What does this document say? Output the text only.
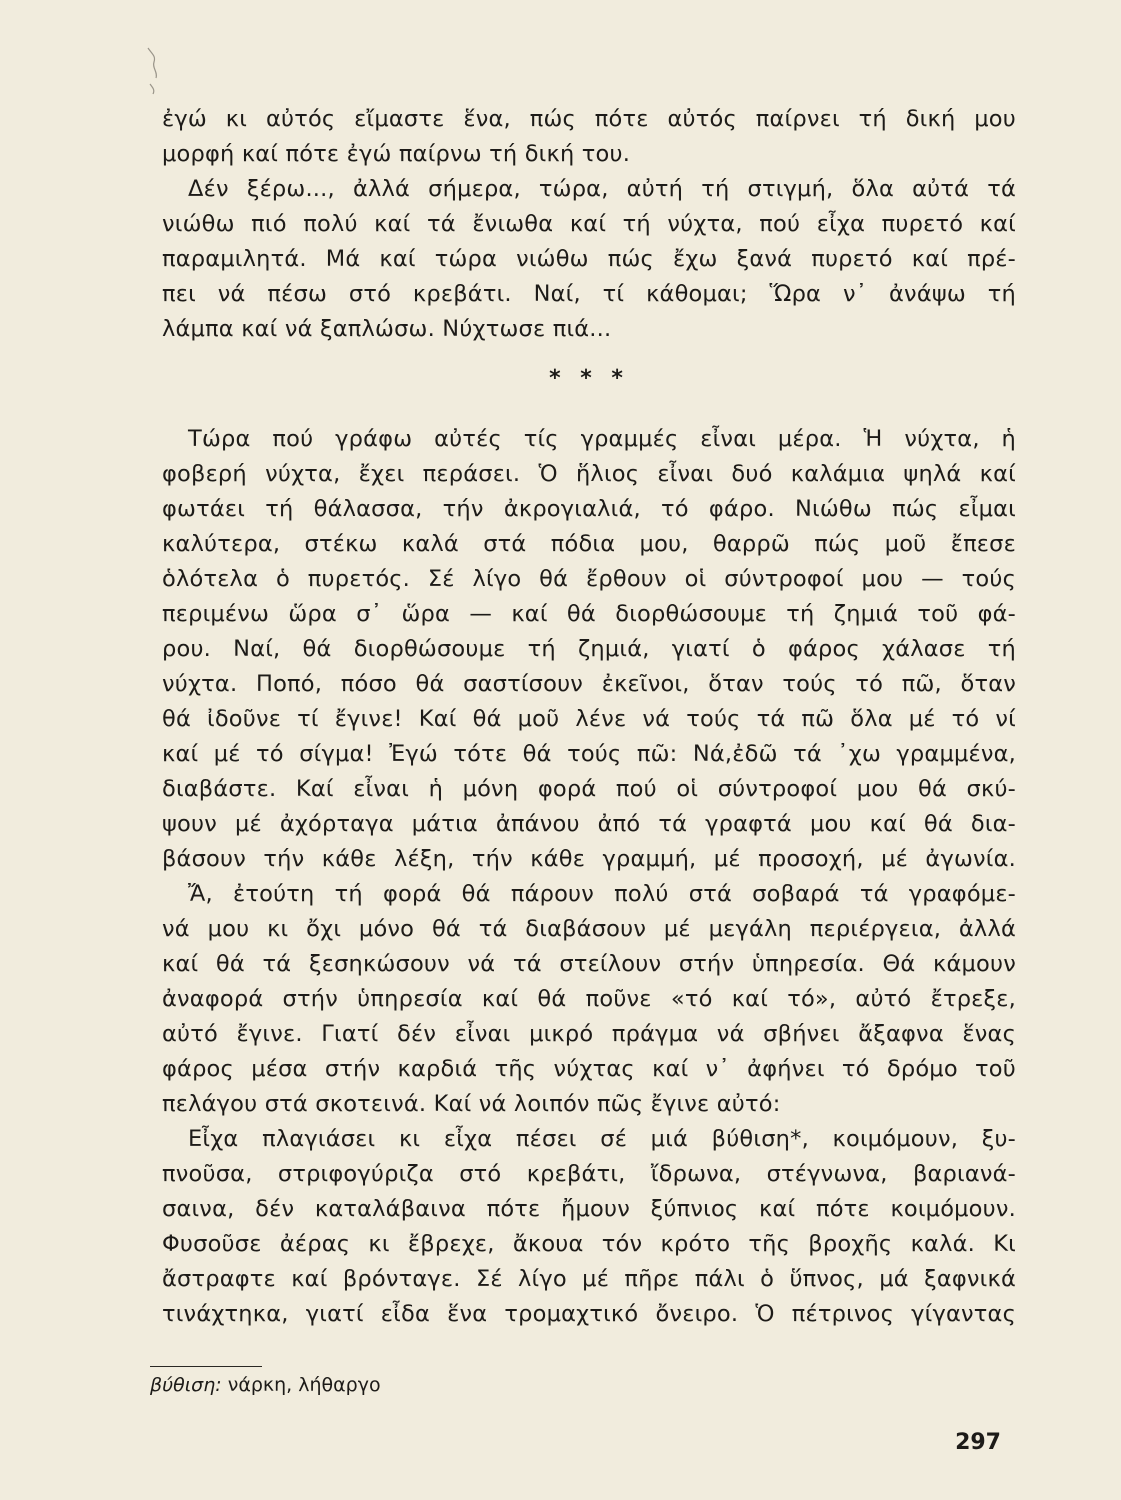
ἐγώ κι αὐτός εἴμαστε ἕνα, πώς πότε αὐτός παίρνει τή δική μου
μορφή καί πότε ἐγώ παίρνω τή δική του.
Δέν ξέρω..., ἀλλά σήμερα, τώρα, αὐτή τή στιγμή, ὅλα αὐτά τά
νιώθω πιό πολύ καί τά ἔνιωθα καί τή νύχτα, πού εἶχα πυρετό καί
παραμιλητά. Μά καί τώρα νιώθω πώς ἔχω ξανά πυρετό καί πρέ-
πει νά πέσω στό κρεβάτι. Ναί, τί κάθομαι; Ὥρα ν᾿ ἀνάψω τή
λάμπα καί νά ξαπλώσω. Νύχτωσε πιά...
* * *
Τώρα πού γράφω αὐτές τίς γραμμές εἶναι μέρα. Ἡ νύχτα, ἡ
φοβερή νύχτα, ἔχει περάσει. Ὁ ἥλιος εἶναι δυό καλάμια ψηλά καί
φωτάει τή θάλασσα, τήν ἀκρογιαλιά, τό φάρο. Νιώθω πώς εἶμαι
καλύτερα, στέκω καλά στά πόδια μου, θαρρῶ πώς μοῦ ἔπεσε
ὁλότελα ὁ πυρετός. Σέ λίγο θά ἔρθουν οἱ σύντροφοί μου — τούς
περιμένω ὥρα σ᾿ ὥρα — καί θά διορθώσουμε τή ζημιά τοῦ φά-
ρου. Ναί, θά διορθώσουμε τή ζημιά, γιατί ὁ φάρος χάλασε τή
νύχτα. Ποπό, πόσο θά σαστίσουν ἐκεῖνοι, ὅταν τούς τό πῶ, ὅταν
θά ἰδοῦνε τί ἔγινε! Καί θά μοῦ λένε νά τούς τά πῶ ὅλα μέ τό νί
καί μέ τό σίγμα! Ἐγώ τότε θά τούς πῶ: Νά,ἐδῶ τά ᾿χω γραμμένα,
διαβάστε. Καί εἶναι ἡ μόνη φορά πού οἱ σύντροφοί μου θά σκύ-
ψουν μέ ἀχόρταγα μάτια ἀπάνου ἀπό τά γραφτά μου καί θά δια-
βάσουν τήν κάθε λέξη, τήν κάθε γραμμή, μέ προσοχή, μέ ἀγωνία.
Ἄ, ἐτούτη τή φορά θά πάρουν πολύ στά σοβαρά τά γραφόμε-
νά μου κι ὄχι μόνο θά τά διαβάσουν μέ μεγάλη περιέργεια, ἀλλά
καί θά τά ξεσηκώσουν νά τά στείλουν στήν ὑπηρεσία. Θά κάμουν
ἀναφορά στήν ὑπηρεσία καί θά ποῦνε «τό καί τό», αὐτό ἔτρεξε,
αὐτό ἔγινε. Γιατί δέν εἶναι μικρό πράγμα νά σβήνει ἄξαφνα ἕνας
φάρος μέσα στήν καρδιά τῆς νύχτας καί ν᾿ ἀφήνει τό δρόμο τοῦ
πελάγου στά σκοτεινά. Καί νά λοιπόν πῶς ἔγινε αὐτό:
Εἶχα πλαγιάσει κι εἶχα πέσει σέ μιά βύθιση*, κοιμόμουν, ξυ-
πνοῦσα, στριφογύριζα στό κρεβάτι, ἴδρωνα, στέγνωνα, βαριανά-
σαινα, δέν καταλάβαινα πότε ἤμουν ξύπνιος καί πότε κοιμόμουν.
Φυσοῦσε ἀέρας κι ἔβρεχε, ἄκουα τόν κρότο τῆς βροχῆς καλά. Κι
ἄστραφτε καί βρόνταγε. Σέ λίγο μέ πῆρε πάλι ὁ ὕπνος, μά ξαφνικά
τινάχτηκα, γιατί εἶδα ἕνα τρομαχτικό ὄνειρο. Ὁ πέτρινος γίγαντας
βύθιση: νάρκη, λήθαργο
297
